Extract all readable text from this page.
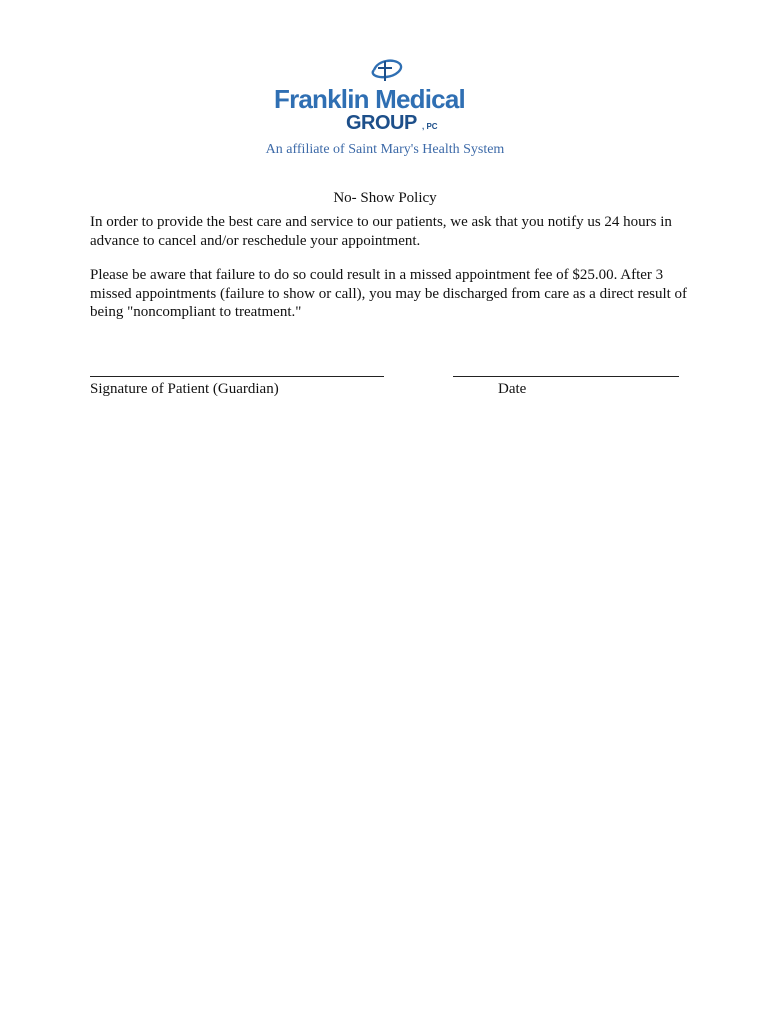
Franklin Medical
GROUP , PC
An affiliate of Saint Mary's Health System
No- Show Policy

In order to provide the best care and service to our patients, we ask that you notify us 24 hours in advance to cancel and/or reschedule your appointment.

Please be aware that failure to do so could result in a missed appointment fee of $25.00. After 3 missed appointments (failure to show or call), you may be discharged from care as a direct result of being "noncompliant to treatment."

Signature of Patient (Guardian)	Date
